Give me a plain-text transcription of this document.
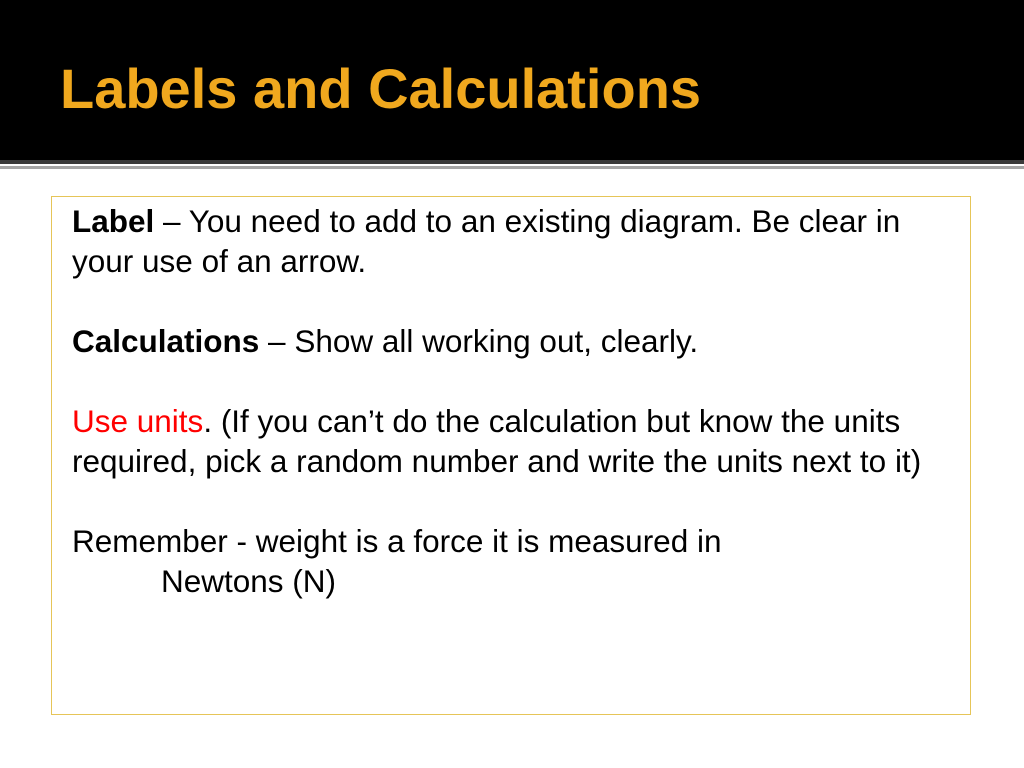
Labels and Calculations

Label – You need to add to an existing diagram. Be clear in your use of an arrow.

Calculations – Show all working out, clearly.

Use units. (If you can’t do the calculation but know the units required, pick a random number and write the units next to it)

Remember - weight is a force it is measured in

Newtons (N)
